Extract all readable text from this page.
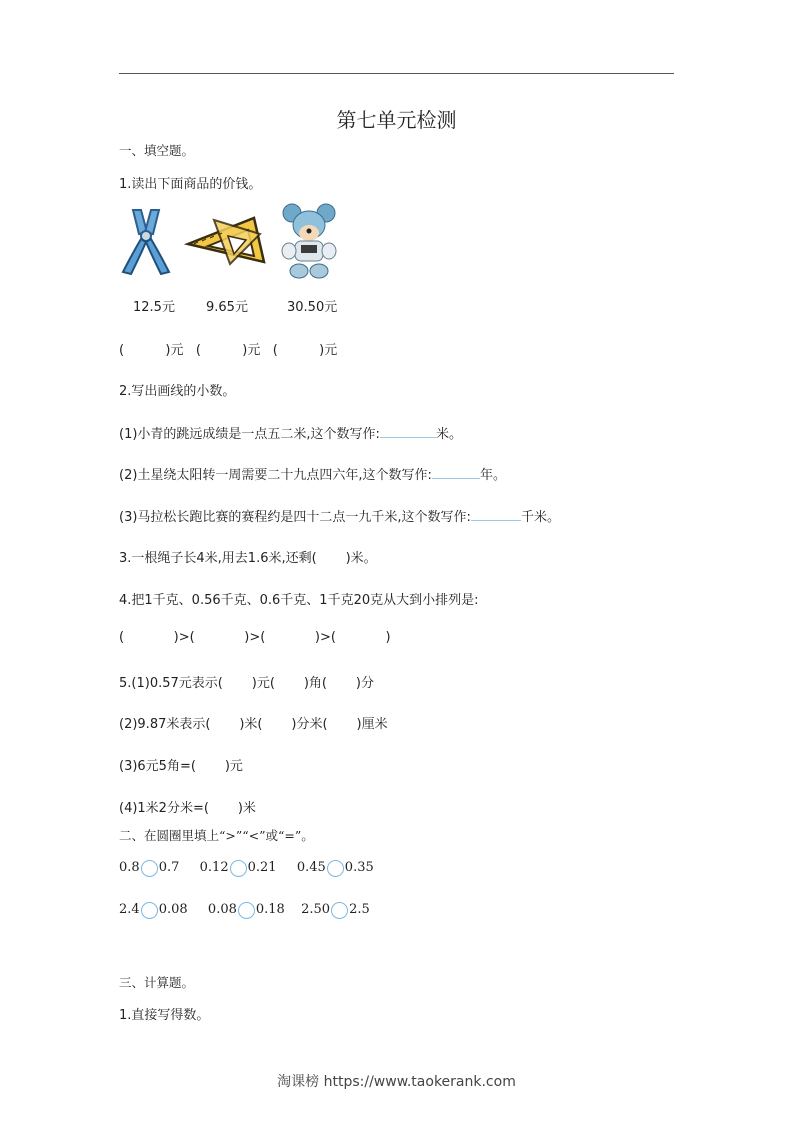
第七单元检测
一、填空题。
1.读出下面商品的价钱。
12.5元 9.65元	30.50元
(          )元   (          )元   (          )元
2.写出画线的小数。
(1)小青的跳远成绩是一点五二米,这个数写作:	米。
(2)土星绕太阳转一周需要二十九点四六年,这个数写作:	年。
(3)马拉松长跑比赛的赛程约是四十二点一九千米,这个数写作:	千米。
3.一根绳子长4米,用去1.6米,还剩(       )米。
4.把1千克、0.56千克、0.6千克、1千克20克从大到小排列是:
(            )>(            )>(            )>(            )
5.(1)0.57元表示(       )元(       )角(       )分
(2)9.87米表示(       )米(       )分米(       )厘米
(3)6元5角=(       )元
(4)1米2分米=(       )米
二、在圆圈里填上“>”“<”或“=”。
0.8 0.7 0.12 0.21 0.45 0.35
2.4 0.08 0.08 0.18 2.50 2.5
三、计算题。
1.直接写得数。
淘课榜 https://www.taokerank.com
